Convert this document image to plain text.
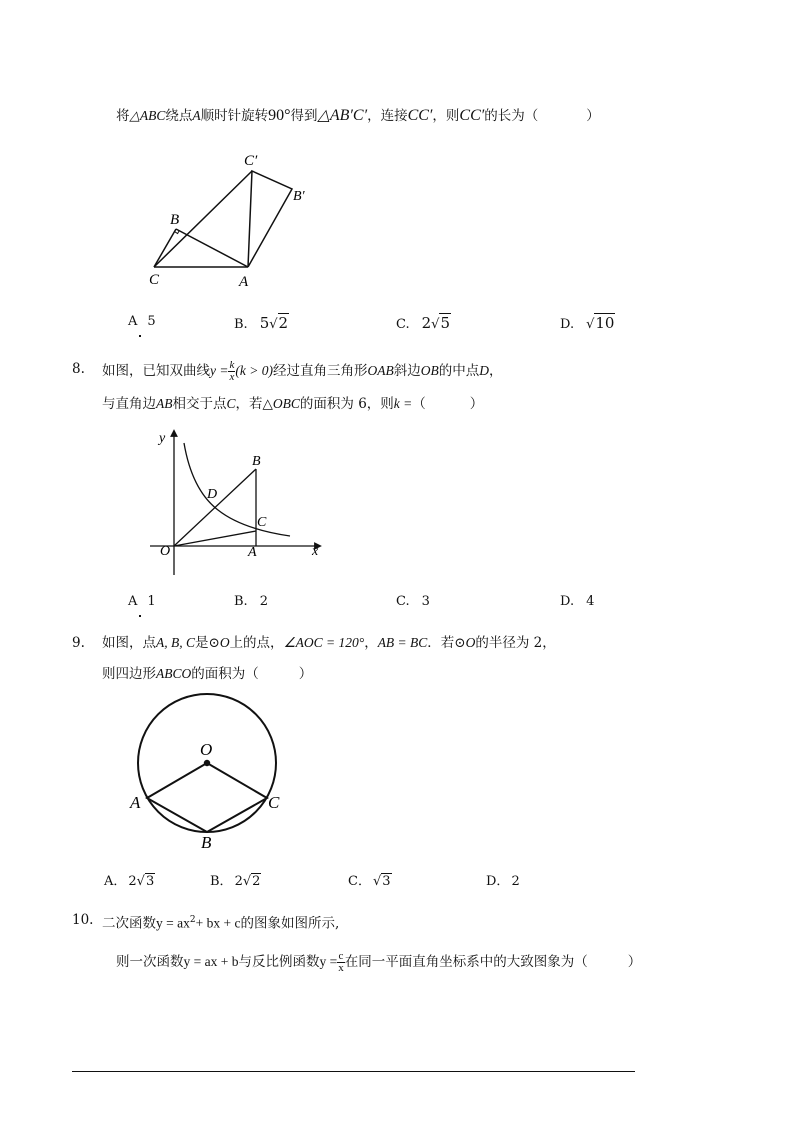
将△ABC绕点A顺时针旋转90°得到△AB′C′，连接CC′，则CC′的长为（	）
C′
B′
B
C	A
A 5	B. 5√2	C. 2√5	D. √10
8. 如图，已知双曲线$y = \frac{k}{x} (k > 0)$经过直角三角形OAB斜边OB的中点D，
与直角边AB相交于点C，若△OBC的面积为 6，则k =（	）
y
x
O	A
B
C
D
A 1	B. 2	C. 3	D. 4
9. 如图，点A, B, C是⊙O上的点，∠AOC = 120°，AB = BC．若⊙O的半径为 2，
则四边形ABCO的面积为（	）
O
A
B
C
A． 2√3	B． 2√2	C． √3	D． 2
10. 二次函数$y = ax^2+$ bx + c的图象如图所示,
则一次函数y = ax + b与反比例函数$y = \frac{c}{x}$ 在同一平面直角坐标系中的大致图象为（	）
